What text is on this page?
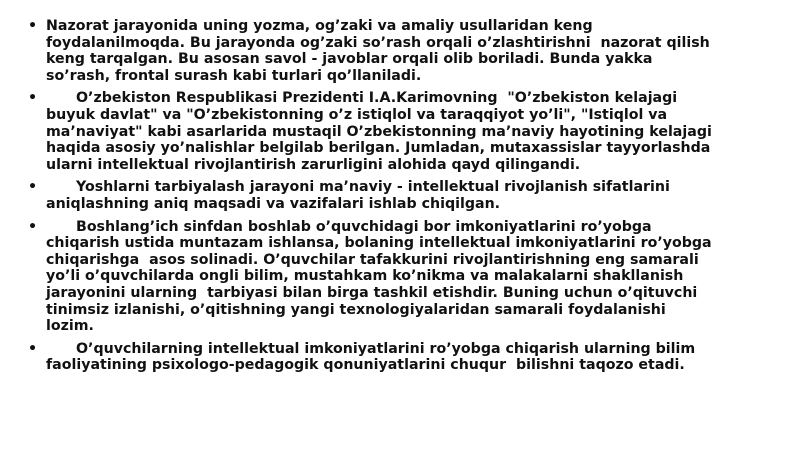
• Nazorat jarayonida uning yozma, og’zaki va amaliy usullaridan keng foydalanilmoqda. Bu jarayonda og’zaki so’rash orqali o’zlashtirishni  nazorat qilish keng tarqalgan. Bu asosan savol - javoblar orqali olib boriladi. Bunda yakka so’rash, frontal surash kabi turlari qo’llaniladi.
•	O’zbekiston Respublikasi Prezidenti I.A.Karimovning  "O’zbekiston kelajagi buyuk davlat" va "O’zbekistonning o’z istiqlol va taraqqiyot yo’li", "Istiqlol va ma’naviyat" kabi asarlarida mustaqil O’zbekistonning ma’naviy hayotining kelajagi haqida asosiy yo’nalishlar belgilab berilgan. Jumladan, mutaxassislar tayyorlashda ularni intellektual rivojlantirish zarurligini alohida qayd qilingandi.
•	Yoshlarni tarbiyalash jarayoni ma’naviy - intellektual rivojlanish sifatlarini aniqlashning aniq maqsadi va vazifalari ishlab chiqilgan.
•	Boshlang’ich sinfdan boshlab o’quvchidagi bor imkoniyatlarini ro’yobga chiqarish ustida muntazam ishlansa, bolaning intellektual imkoniyatlarini ro’yobga chiqarishga  asos solinadi. O’quvchilar tafakkurini rivojlantirishning eng samarali yo’li o’quvchilarda ongli bilim, mustahkam ko’nikma va malakalarni shakllanish jarayonini ularning  tarbiyasi bilan birga tashkil etishdir. Buning uchun o’qituvchi  tinimsiz izlanishi, o’qitishning yangi texnologiyalaridan samarali foydalanishi lozim.
•	O’quvchilarning intellektual imkoniyatlarini ro’yobga chiqarish ularning bilim faoliyatining psixologo-pedagogik qonuniyatlarini chuqur  bilishni taqozo etadi.
